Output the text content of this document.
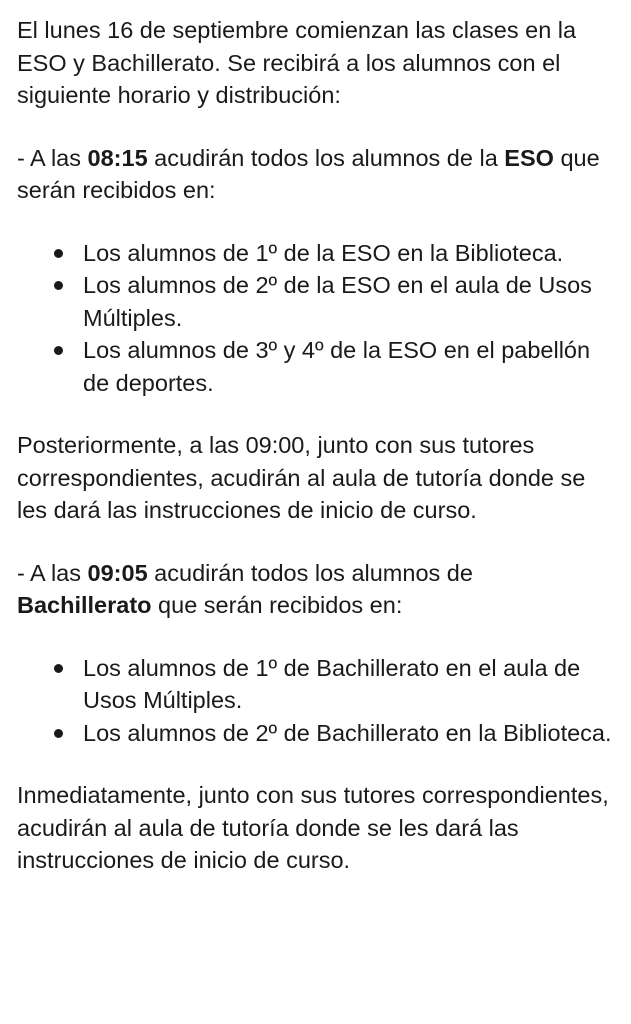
El lunes 16 de septiembre comienzan las clases en la ESO y Bachillerato. Se recibirá a los alumnos con el siguiente horario y distribución:

- A las 08:15 acudirán todos los alumnos de la ESO que serán recibidos en:

Los alumnos de 1º de la ESO en la Biblioteca.
Los alumnos de 2º de la ESO en el aula de Usos Múltiples.
Los alumnos de 3º y 4º de la ESO en el pabellón de deportes.

Posteriormente, a las 09:00, junto con sus tutores correspondientes, acudirán al aula de tutoría donde se les dará las instrucciones de inicio de curso.

- A las 09:05 acudirán todos los alumnos de Bachillerato que serán recibidos en:

Los alumnos de 1º de Bachillerato en el aula de Usos Múltiples.
Los alumnos de 2º de Bachillerato en la Biblioteca.

Inmediatamente, junto con sus tutores correspondientes, acudirán al aula de tutoría donde se les dará las instrucciones de inicio de curso.
